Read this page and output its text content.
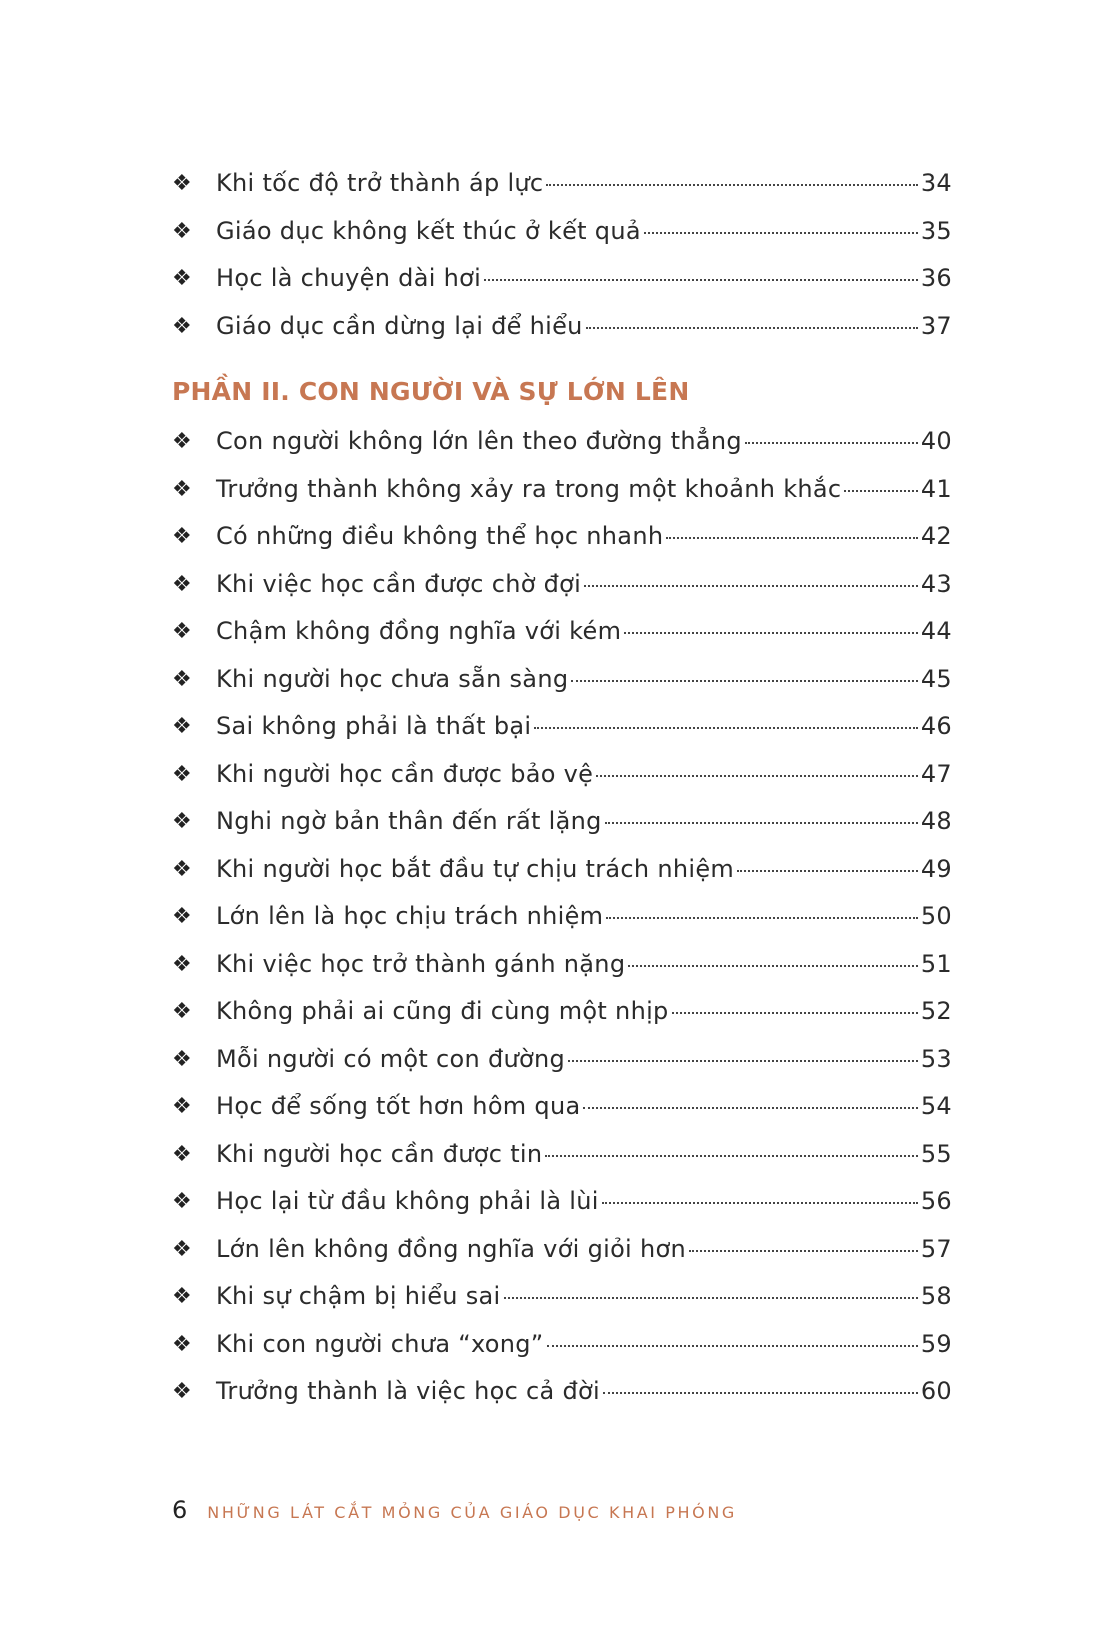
❖ Khi tốc độ trở thành áp lực	34
❖ Giáo dục không kết thúc ở kết quả	35
❖ Học là chuyện dài hơi	36
❖ Giáo dục cần dừng lại để hiểu	37
PHẦN II. CON NGƯỜI VÀ SỰ LỚN LÊN
❖ Con người không lớn lên theo đường thẳng	40
❖ Trưởng thành không xảy ra trong một khoảnh khắc	41
❖ Có những điều không thể học nhanh	42
❖ Khi việc học cần được chờ đợi	43
❖ Chậm không đồng nghĩa với kém	44
❖ Khi người học chưa sẵn sàng	45
❖ Sai không phải là thất bại	46
❖ Khi người học cần được bảo vệ	47
❖ Nghi ngờ bản thân đến rất lặng	48
❖ Khi người học bắt đầu tự chịu trách nhiệm	49
❖ Lớn lên là học chịu trách nhiệm	50
❖ Khi việc học trở thành gánh nặng	51
❖ Không phải ai cũng đi cùng một nhịp	52
❖ Mỗi người có một con đường	53
❖ Học để sống tốt hơn hôm qua	54
❖ Khi người học cần được tin	55
❖ Học lại từ đầu không phải là lùi	56
❖ Lớn lên không đồng nghĩa với giỏi hơn	57
❖ Khi sự chậm bị hiểu sai	58
❖ Khi con người chưa “xong”	59
❖ Trưởng thành là việc học cả đời	60
6 NHỮNG LÁT CẮT MỎNG CỦA GIÁO DỤC KHAI PHÓNG
